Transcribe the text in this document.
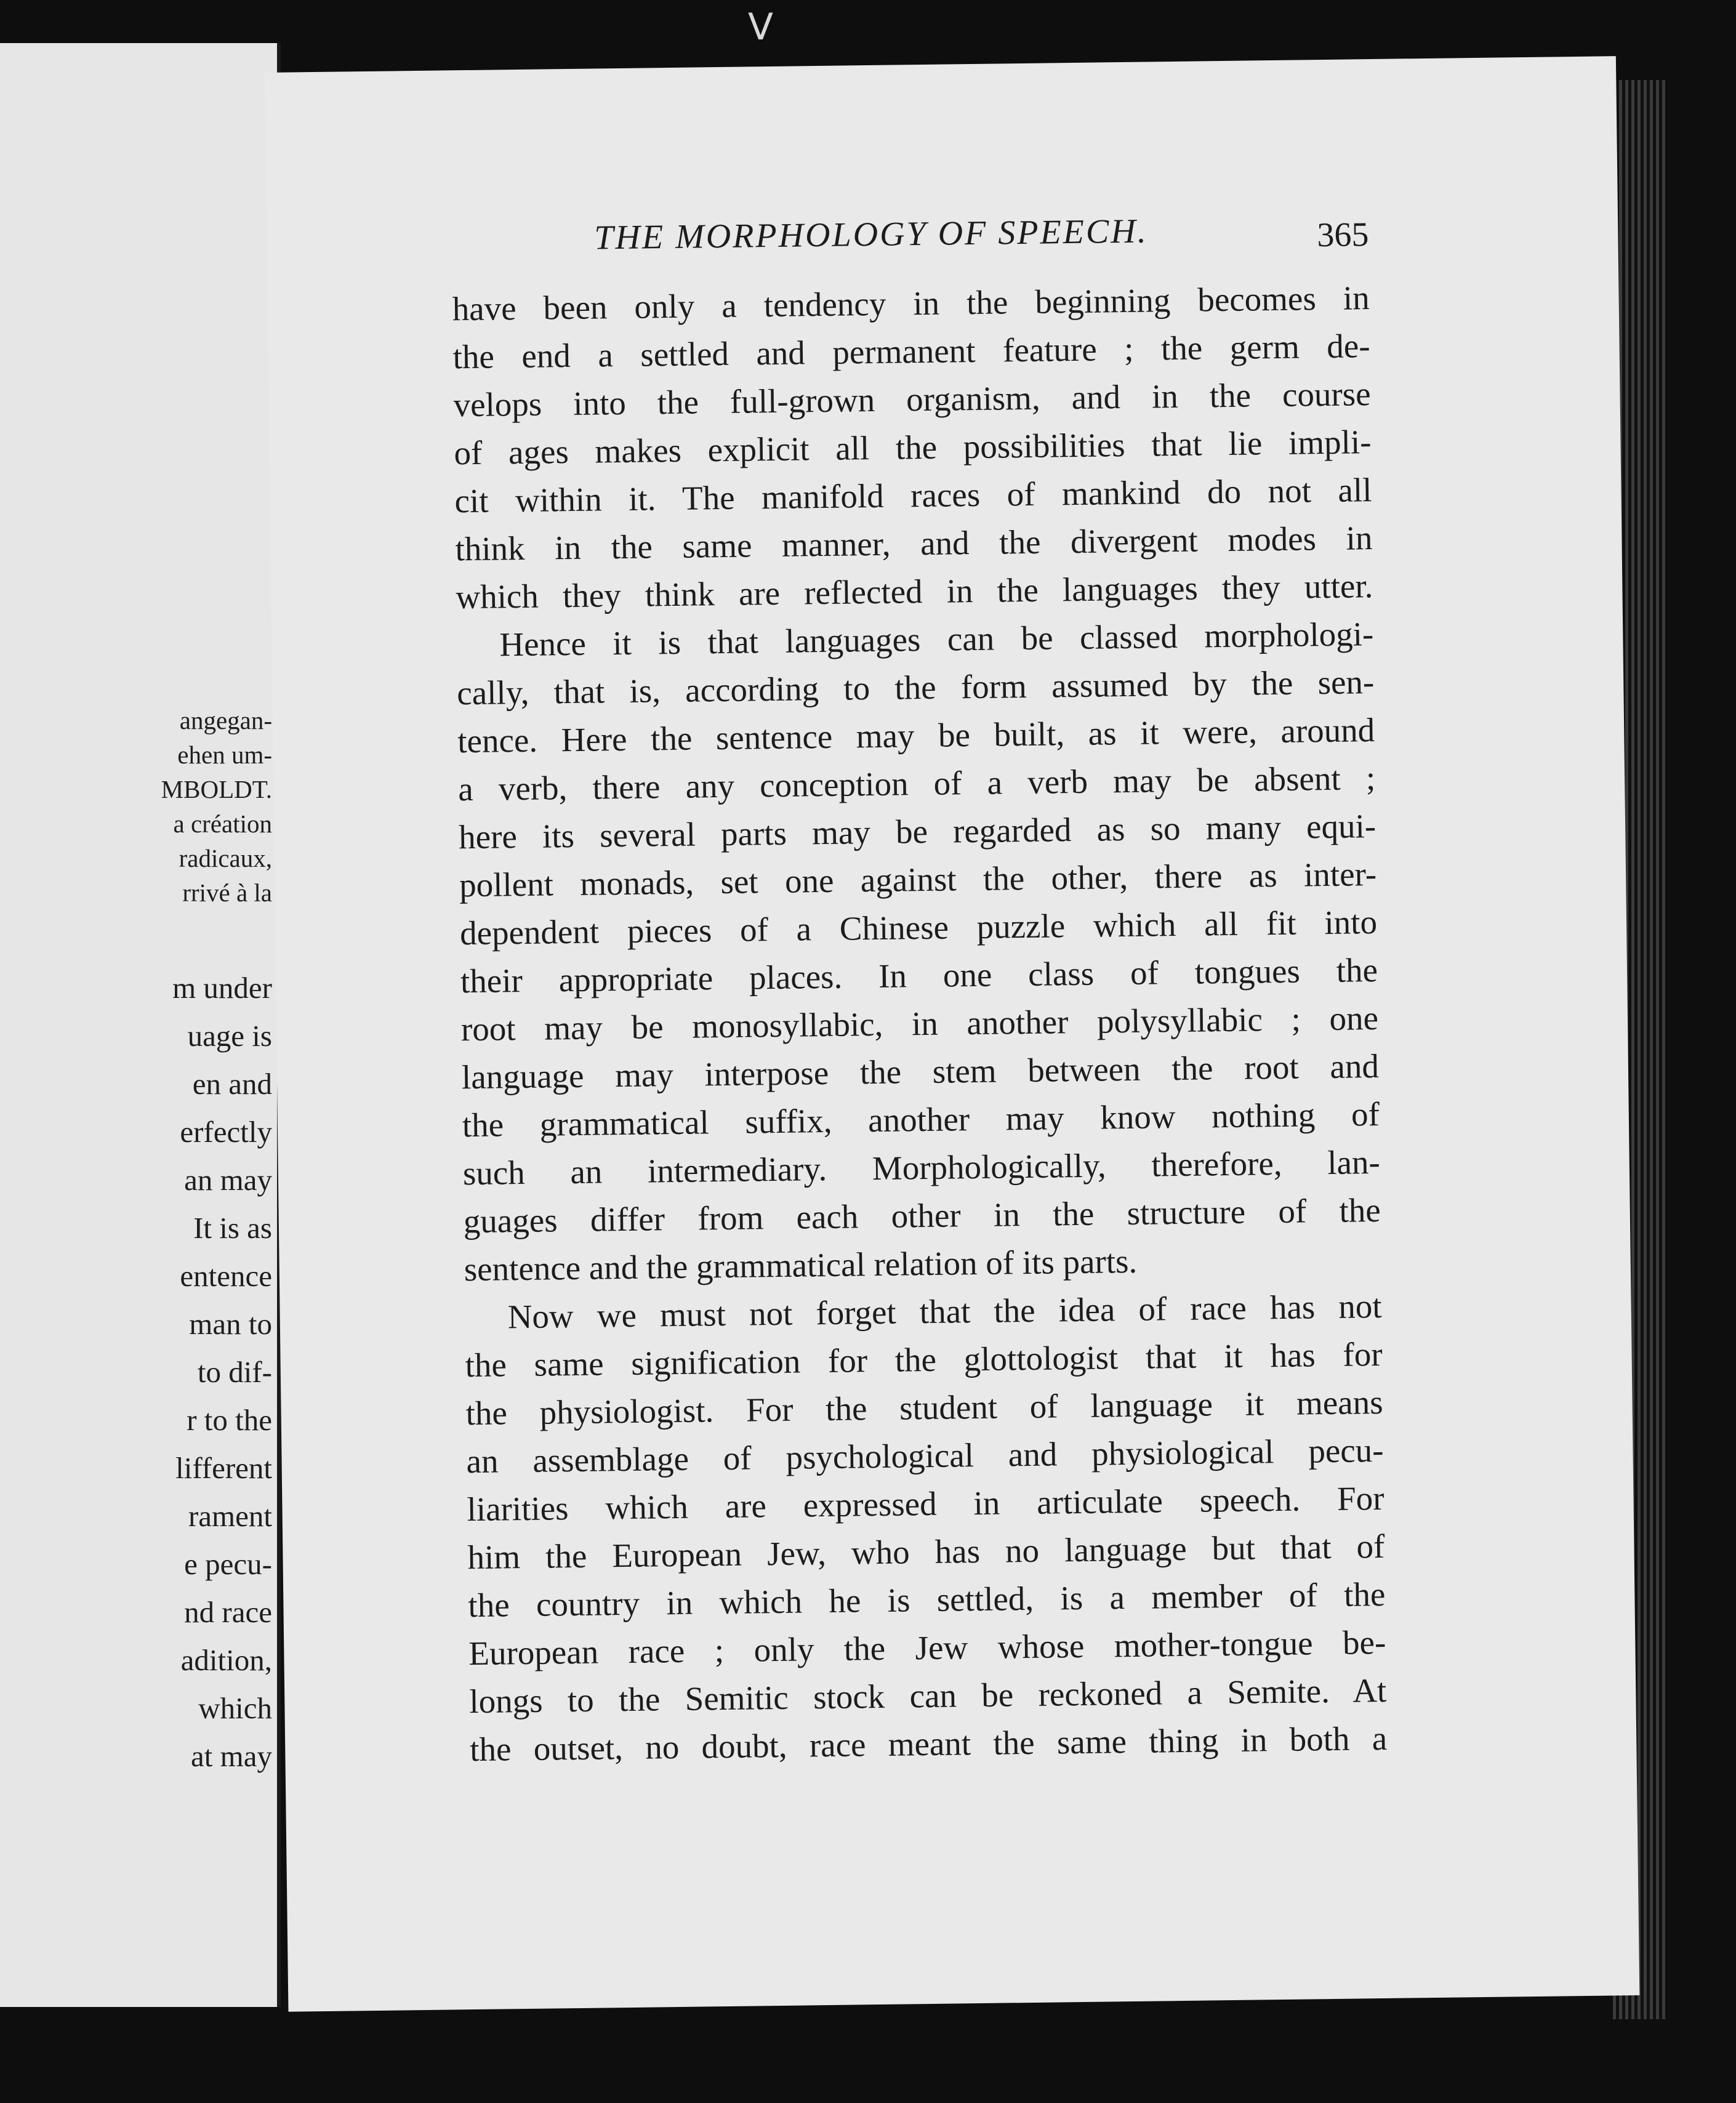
ᐯ
angegan-
ehen um-
MBOLDT.
a création
radicaux,
rrivé à la
m under
uage is
en and
erfectly
an may
It is as
entence
man to
to dif-
r to the
lifferent
rament
e pecu-
nd race
adition,
which
at may
THE MORPHOLOGY OF SPEECH.	365
have been only a tendency in the beginning becomes in
the end a settled and permanent feature ; the germ de-
velops into the full-grown organism, and in the course
of ages makes explicit all the possibilities that lie impli-
cit within it. The manifold races of mankind do not all
think in the same manner, and the divergent modes in
which they think are reflected in the languages they utter.
Hence it is that languages can be classed morphologi-
cally, that is, according to the form assumed by the sen-
tence. Here the sentence may be built, as it were, around
a verb, there any conception of a verb may be absent ;
here its several parts may be regarded as so many equi-
pollent monads, set one against the other, there as inter-
dependent pieces of a Chinese puzzle which all fit into
their appropriate places. In one class of tongues the
root may be monosyllabic, in another polysyllabic ; one
language may interpose the stem between the root and
the grammatical suffix, another may know nothing of
such an intermediary. Morphologically, therefore, lan-
guages differ from each other in the structure of the
sentence and the grammatical relation of its parts.
Now we must not forget that the idea of race has not
the same signification for the glottologist that it has for
the physiologist. For the student of language it means
an assemblage of psychological and physiological pecu-
liarities which are expressed in articulate speech. For
him the European Jew, who has no language but that of
the country in which he is settled, is a member of the
European race ; only the Jew whose mother-tongue be-
longs to the Semitic stock can be reckoned a Semite. At
the outset, no doubt, race meant the same thing in both a
